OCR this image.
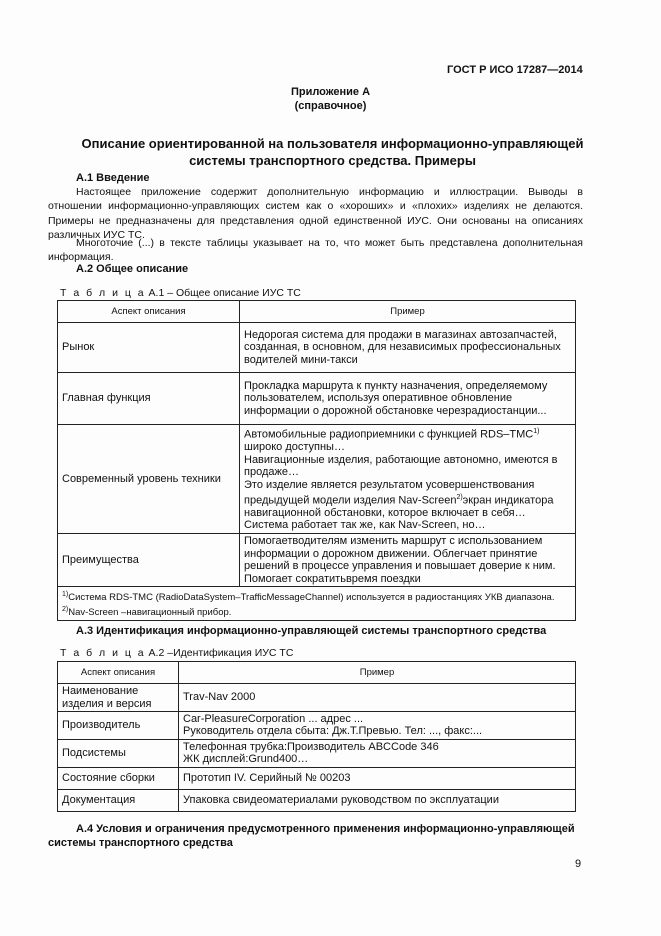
ГОСТ Р ИСО 17287—2014
Приложение А
(справочное)
Описание ориентированной на пользователя информационно-управляющей
системы транспортного средства. Примеры
А.1 Введение
Настоящее приложение содержит дополнительную информацию и иллюстрации. Выводы в отношении информационно-управляющих систем как о «хороших» и «плохих» изделиях не делаются. Примеры не предназначены для представления одной единственной ИУС. Они основаны на описаниях различных ИУС ТС.
Многоточие (...) в тексте таблицы указывает на то, что может быть представлена дополнительная информация.
А.2 Общее описание
Т а б л и ц а А.1 – Общее описание ИУС ТС
Аспект описания	Пример
Рынок	Недорогая система для продажи в магазинах автозапчастей, созданная, в основном, для независимых профессиональных водителей мини-такси
Главная функция	Прокладка маршрута к пункту назначения, определяемому пользователем, используя оперативное обновление информации о дорожной обстановке черезрадиостанции...
Современный уровень техники	Автомобильные радиоприемники с функцией RDS–TMC$^{1)}$ широко доступны…
Навигационные изделия, работающие автономно, имеются в продаже…
Это изделие является результатом усовершенствования предыдущей модели изделия Nav-Screen$^{2)}$экран индикатора навигационной обстановки, которое включает в себя… Система работает так же, как Nav-Screen, но…
Преимущества	Помогаетводителям изменить маршрут с использованием информации о дорожном движении. Облегчает принятие решений в процессе управления и повышает доверие к ним. Помогает сократитьвремя поездки
$^{1)}$Система RDS-TMC (RadioDataSystem–TrafficMessageChannel) используется в радиостанциях УКВ диапазона.
$^{2)}$Nav-Screen –навигационный прибор.	
А.3 Идентификация информационно-управляющей системы транспортного средства
Т а б л и ц а А.2 –Идентификация ИУС ТС
Аспект описания	Пример
Наименование изделия и версия	Trav-Nav 2000

Производитель	Car-PleasureCorporation ... адрес ...
Руководитель отдела сбыта: Дж.Т.Превью. Тел: ..., факс:...

Подсистемы	Телефонная трубка:Производитель ABCCode 346
ЖК дисплей:Grund400…

Состояние сборки	Прототип IV. Серийный № 00203

Документация	Упаковка свидеоматериалами руководством по эксплуатации
А.4 Условия и ограничения предусмотренного применения информационно-управляющей
системы транспортного средства
9
